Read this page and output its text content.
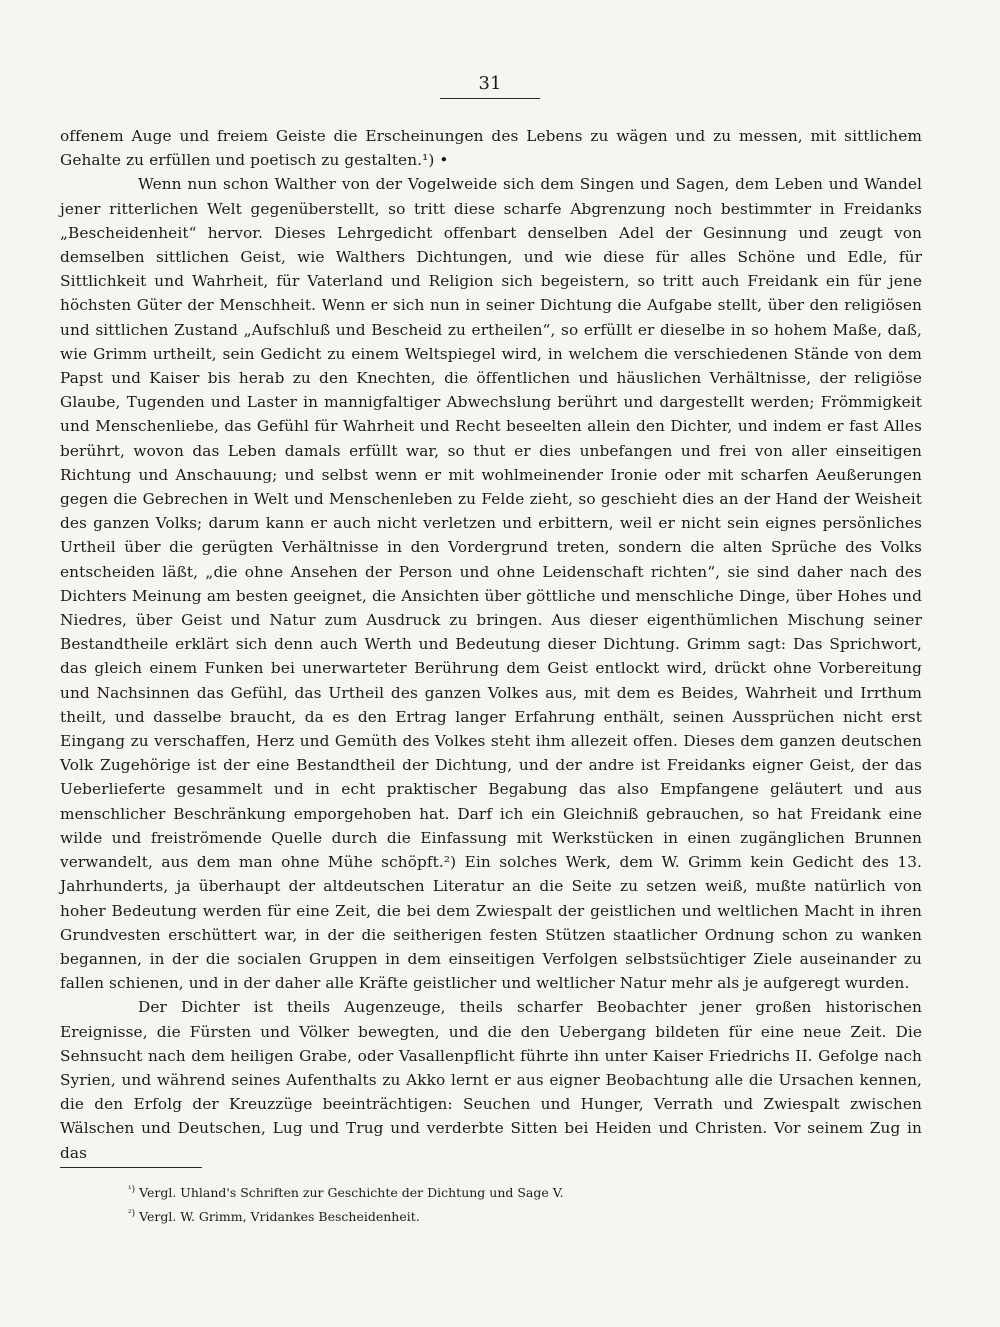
31

offenem Auge und freiem Geiste die Erscheinungen des Lebens zu wägen und zu messen, mit sittlichem Gehalte zu erfüllen und poetisch zu gestalten.¹) •

Wenn nun schon Walther von der Vogelweide sich dem Singen und Sagen, dem Leben und Wandel jener ritterlichen Welt gegenüberstellt, so tritt diese scharfe Abgrenzung noch bestimmter in Freidanks „Bescheidenheit“ hervor. Dieses Lehrgedicht offenbart denselben Adel der Gesinnung und zeugt von demselben sittlichen Geist, wie Walthers Dichtungen, und wie diese für alles Schöne und Edle, für Sittlichkeit und Wahrheit, für Vaterland und Religion sich begeistern, so tritt auch Freidank ein für jene höchsten Güter der Menschheit. Wenn er sich nun in seiner Dichtung die Aufgabe stellt, über den religiösen und sittlichen Zustand „Aufschluß und Bescheid zu ertheilen“, so erfüllt er dieselbe in so hohem Maße, daß, wie Grimm urtheilt, sein Gedicht zu einem Weltspiegel wird, in welchem die verschiedenen Stände von dem Papst und Kaiser bis herab zu den Knechten, die öffentlichen und häuslichen Verhältnisse, der religiöse Glaube, Tugenden und Laster in mannigfaltiger Abwechslung berührt und dargestellt werden; Frömmigkeit und Menschenliebe, das Gefühl für Wahrheit und Recht beseelten allein den Dichter, und indem er fast Alles berührt, wovon das Leben damals erfüllt war, so thut er dies unbefangen und frei von aller einseitigen Richtung und Anschauung; und selbst wenn er mit wohlmeinender Ironie oder mit scharfen Aeußerungen gegen die Gebrechen in Welt und Menschenleben zu Felde zieht, so geschieht dies an der Hand der Weisheit des ganzen Volks; darum kann er auch nicht verletzen und erbittern, weil er nicht sein eignes persönliches Urtheil über die gerügten Verhältnisse in den Vordergrund treten, sondern die alten Sprüche des Volks entscheiden läßt, „die ohne Ansehen der Person und ohne Leidenschaft richten“, sie sind daher nach des Dichters Meinung am besten geeignet, die Ansichten über göttliche und menschliche Dinge, über Hohes und Niedres, über Geist und Natur zum Ausdruck zu bringen. Aus dieser eigenthümlichen Mischung seiner Bestandtheile erklärt sich denn auch Werth und Bedeutung dieser Dichtung. Grimm sagt: Das Sprichwort, das gleich einem Funken bei unerwarteter Berührung dem Geist entlockt wird, drückt ohne Vorbereitung und Nachsinnen das Gefühl, das Urtheil des ganzen Volkes aus, mit dem es Beides, Wahrheit und Irrthum theilt, und dasselbe braucht, da es den Ertrag langer Erfahrung enthält, seinen Aussprüchen nicht erst Eingang zu verschaffen, Herz und Gemüth des Volkes steht ihm allezeit offen. Dieses dem ganzen deutschen Volk Zugehörige ist der eine Bestandtheil der Dichtung, und der andre ist Freidanks eigner Geist, der das Ueberlieferte gesammelt und in echt praktischer Begabung das also Empfangene geläutert und aus menschlicher Beschränkung emporgehoben hat. Darf ich ein Gleichniß gebrauchen, so hat Freidank eine wilde und freiströmende Quelle durch die Einfassung mit Werkstücken in einen zugänglichen Brunnen verwandelt, aus dem man ohne Mühe schöpft.²) Ein solches Werk, dem W. Grimm kein Gedicht des 13. Jahrhunderts, ja überhaupt der altdeutschen Literatur an die Seite zu setzen weiß, mußte natürlich von hoher Bedeutung werden für eine Zeit, die bei dem Zwiespalt der geistlichen und weltlichen Macht in ihren Grundvesten erschüttert war, in der die seitherigen festen Stützen staatlicher Ordnung schon zu wanken begannen, in der die socialen Gruppen in dem einseitigen Verfolgen selbstsüchtiger Ziele auseinander zu fallen schienen, und in der daher alle Kräfte geistlicher und weltlicher Natur mehr als je aufgeregt wurden.

Der Dichter ist theils Augenzeuge, theils scharfer Beobachter jener großen historischen Ereignisse, die Fürsten und Völker bewegten, und die den Uebergang bildeten für eine neue Zeit. Die Sehnsucht nach dem heiligen Grabe, oder Vasallenpflicht führte ihn unter Kaiser Friedrichs II. Gefolge nach Syrien, und während seines Aufenthalts zu Akko lernt er aus eigner Beobachtung alle die Ursachen kennen, die den Erfolg der Kreuzzüge beeinträchtigen: Seuchen und Hunger, Verrath und Zwiespalt zwischen Wälschen und Deutschen, Lug und Trug und verderbte Sitten bei Heiden und Christen. Vor seinem Zug in das

$^{^1)}$ Vergl. Uhland's Schriften zur Geschichte der Dichtung und Sage V.

$^{^2)}$ Vergl. W. Grimm, Vridankes Bescheidenheit.
